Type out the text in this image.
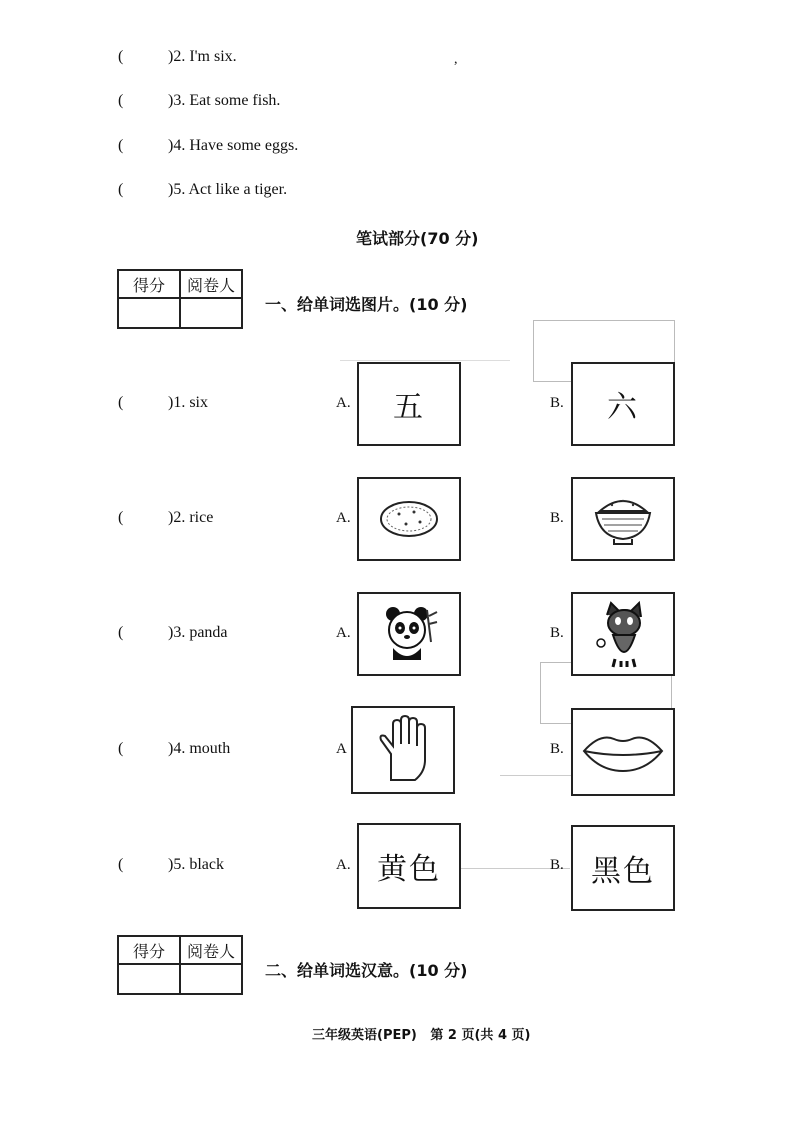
(	)2. I'm six.	,
(	)3. Eat some fish.
(	)4. Have some eggs.
(	)5. Act like a tiger.
笔试部分(70 分)
得分	阅卷人

一、给单词选图片。(10 分)
(	)1. six	A. 五	B. 六
(	)2. rice	A.	B.
(	)3. panda	A.	B.
(	)4. mouth	A	B.
(	)5. black	A. 黄色	B. 黑色
得分	阅卷人

二、给单词选汉意。(10 分)
三年级英语(PEP)   第 2 页(共 4 页)
